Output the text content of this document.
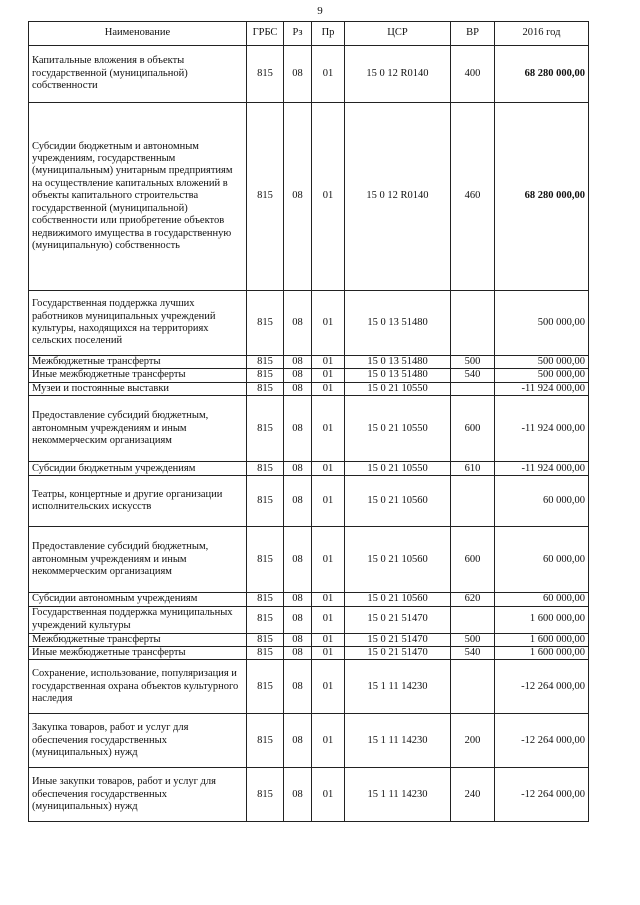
9
Наименование	ГРБС	Рз	Пр	ЦСР	ВР	2016 год
Капитальные вложения в объекты государственной (муниципальной) собственности	815	08	01	15 0 12 R0140	400	68 280 000,00
Субсидии бюджетным и автономным учреждениям, государственным (муниципальным) унитарным предприятиям на осуществление капитальных вложений в объекты капитального строительства государственной (муниципальной) собственности или приобретение объектов недвижимого имущества в государственную (муниципальную) собственность	815	08	01	15 0 12 R0140	460	68 280 000,00
Государственная поддержка лучших работников муниципальных учреждений культуры, находящихся на территориях сельских поселений	815	08	01	15 0 13 51480		500 000,00
Межбюджетные трансферты	815	08	01	15 0 13 51480	500	500 000,00
Иные межбюджетные трансферты	815	08	01	15 0 13 51480	540	500 000,00
Музеи и постоянные выставки	815	08	01	15 0 21 10550		-11 924 000,00
Предоставление субсидий бюджетным, автономным учреждениям и иным некоммерческим организациям	815	08	01	15 0 21 10550	600	-11 924 000,00
Субсидии бюджетным учреждениям	815	08	01	15 0 21 10550	610	-11 924 000,00
Театры, концертные и другие организации исполнительских искусств	815	08	01	15 0 21 10560		60 000,00
Предоставление субсидий бюджетным, автономным учреждениям и иным некоммерческим организациям	815	08	01	15 0 21 10560	600	60 000,00
Субсидии автономным учреждениям	815	08	01	15 0 21 10560	620	60 000,00
Государственная поддержка муниципальных учреждений культуры	815	08	01	15 0 21 51470		1 600 000,00
Межбюджетные трансферты	815	08	01	15 0 21 51470	500	1 600 000,00
Иные межбюджетные трансферты	815	08	01	15 0 21 51470	540	1 600 000,00
Сохранение, использование, популяризация и государственная охрана объектов культурного наследия	815	08	01	15 1 11 14230		-12 264 000,00
Закупка товаров, работ и услуг для обеспечения государственных (муниципальных) нужд	815	08	01	15 1 11 14230	200	-12 264 000,00
Иные закупки товаров, работ и услуг для обеспечения государственных (муниципальных) нужд	815	08	01	15 1 11 14230	240	-12 264 000,00
